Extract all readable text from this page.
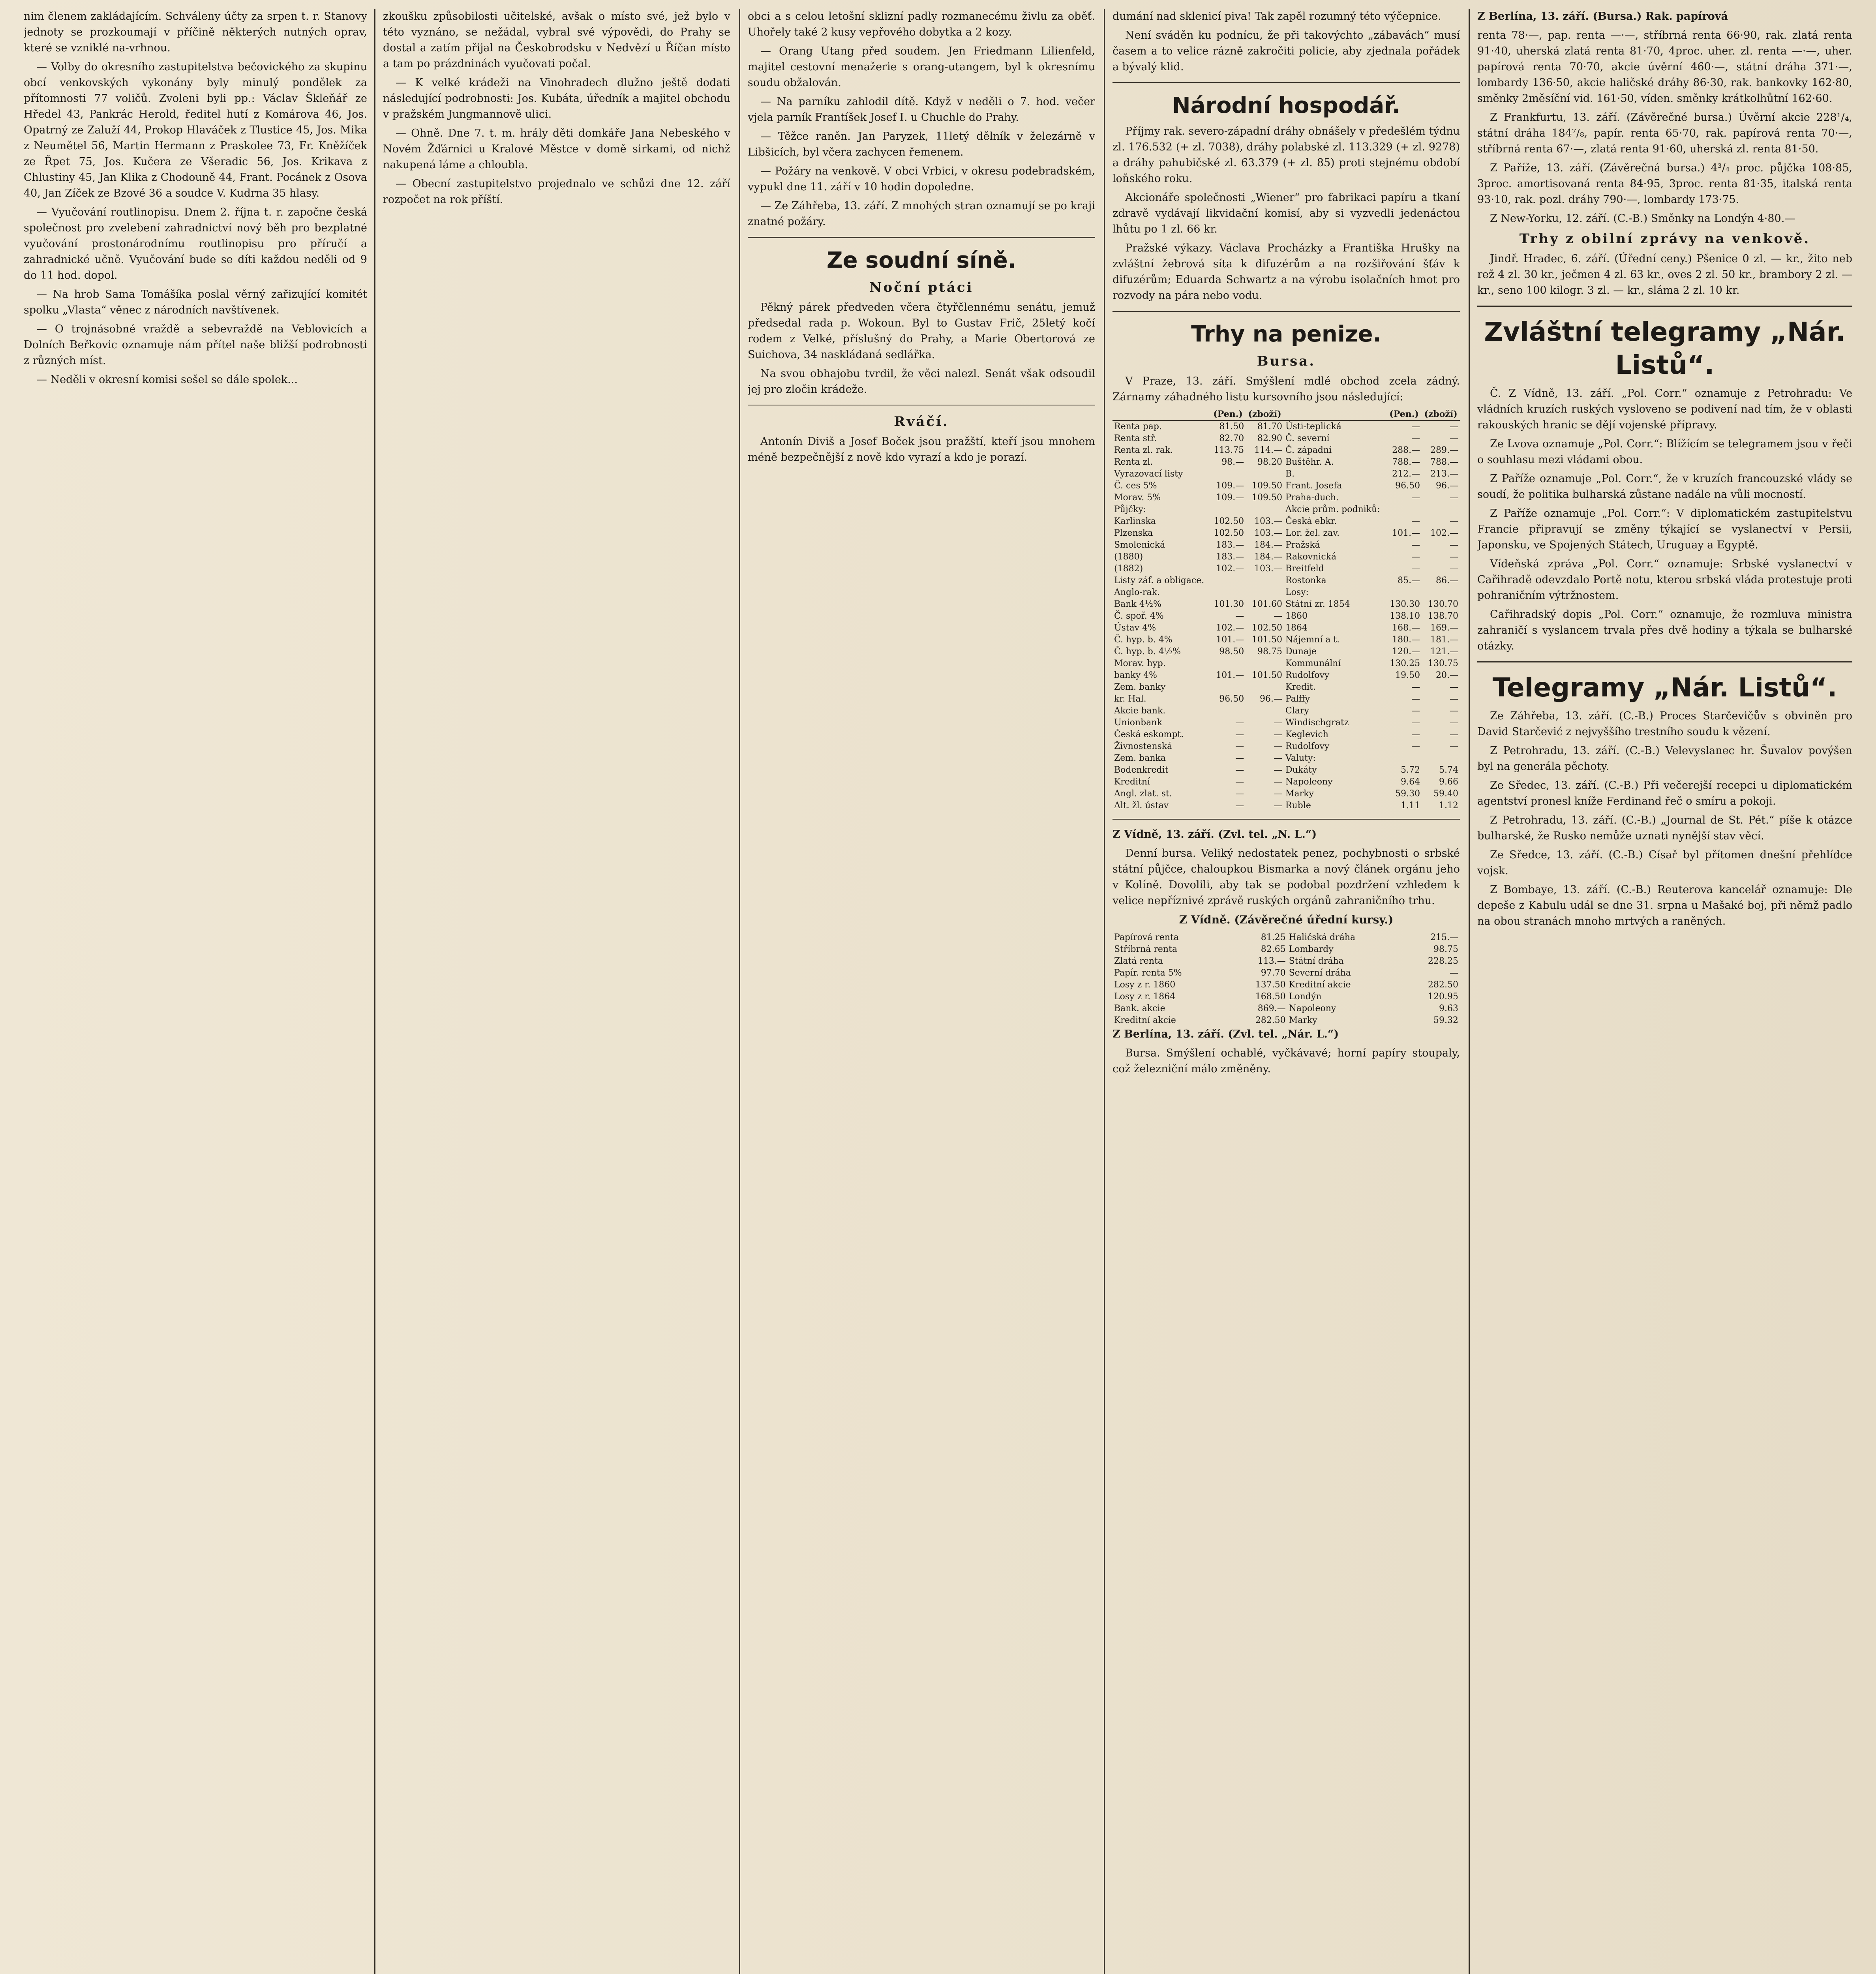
nim členem zakládajícím. Schváleny účty za srpen t. r. Stanovy jednoty se prozkoumají v příčině některých nutných oprav, které se vzniklé na-vrhnou.

— Volby do okresního zastupitelstva bečovického za skupinu obcí venkovských vykonány byly minulý pondělek za přítomnosti 77 voličů. Zvoleni byli pp.: Václav Škleňář ze Hředel 43, Pankrác Herold, ředitel hutí z Komárova 46, Jos. Opatrný ze Zaluží 44, Prokop Hlaváček z Tlustice 45, Jos. Mika z Neumětel 56, Martin Hermann z Praskolee 73, Fr. Kněžíček ze Řpet 75, Jos. Kučera ze Všeradic 56, Jos. Krikava z Chlustiny 45, Jan Klika z Chodouně 44, Frant. Pocánek z Osova 40, Jan Zíček ze Bzové 36 a soudce V. Kudrna 35 hlasy.

— Vyučování routlinopisu. Dnem 2. října t. r. započne česká společnost pro zvelebení zahradnictví nový běh pro bezplatné vyučování prostonárodnímu routlinopisu pro příručí a zahradnické učně. Vyučování bude se díti každou neděli od 9 do 11 hod. dopol.

— Na hrob Sama Tomášíka poslal věrný zařizující komitét spolku „Vlasta“ věnec z národních navštívenek.

— O trojnásobné vraždě a sebevraždě na Veblovicích a Dolních Beřkovic oznamuje nám přítel naše bližší podrobnosti z různých míst.

— Neděli v okresní komisi sešel se dále spolek...

zkoušku způsobilosti učitelské, avšak o místo své, jež bylo v této vyznáno, se nežádal, vybral své výpovědi, do Prahy se dostal a zatím přijal na Českobrodsku v Nedvězí u Říčan místo a tam po prázdninách vyučovati počal.

— K velké krádeži na Vinohradech dlužno ještě dodati následující podrobnosti: Jos. Kubáta, úředník a majitel obchodu v pražském Jungmannově ulici.

— Ohně. Dne 7. t. m. hrály děti domkáře Jana Nebeského v Novém Žďárnici u Kralové Městce v domě sirkami, od nichž nakupená láme a chloubla.

— Obecní zastupitelstvo projednalo ve schůzi dne 12. září rozpočet na rok příští.

obci a s celou letošní sklizní padly rozmanecému živlu za oběť. Uhořely také 2 kusy vepřového dobytka a 2 kozy.

— Orang Utang před soudem. Jen Friedmann Lilienfeld, majitel cestovní menažerie s orang-utangem, byl k okresnímu soudu obžalován.

— Na parníku zahlodil dítě. Když v neděli o 7. hod. večer vjela parník Frantíšek Josef I. u Chuchle do Prahy.

— Těžce raněn. Jan Paryzek, 11letý dělník v železárně v Libšicích, byl včera zachycen řemenem.

— Požáry na venkově. V obci Vrbici, v okresu podebradském, vypukl dne 11. září v 10 hodin dopoledne.

— Ze Záhřeba, 13. září. Z mnohých stran oznamují se po kraji znatné požáry.

Ze soudní síně.
Noční ptáci

Pěkný párek předveden včera čtyřčlennému senátu, jemuž předsedal rada p. Wokoun. Byl to Gustav Frič, 25letý kočí rodem z Velké, příslušný do Prahy, a Marie Obertorová ze Suichova, 34 naskládaná sedlářka.

Na svou obhajobu tvrdil, že věci nalezl. Senát však odsoudil jej pro zločin krádeže.

Rváčí.

Antonín Diviš a Josef Boček jsou pražští, kteří jsou mnohem méně bezpečnější z nově kdo vyrazí a kdo je porazí.

dumání nad sklenicí piva! Tak zapěl rozumný této výčepnice.

Není sváděn ku podnícu, že při takovýchto „zábavách“ musí časem a to velice rázně zakročiti policie, aby zjednala pořádek a bývalý klid.

Národní hospodář.

Příjmy rak. severo-západní dráhy obnášely v předešlém týdnu zl. 176.532 (+ zl. 7038), dráhy polabské zl. 113.329 (+ zl. 9278) a dráhy pahubičské zl. 63.379 (+ zl. 85) proti stejnému období loňského roku.

Akcionáře společnosti „Wiener“ pro fabrikaci papíru a tkaní zdravě vydávají likvidační komisí, aby si vyzvedli jedenáctou lhůtu po 1 zl. 66 kr.

Pražské výkazy. Václava Procházky a Františka Hrušky na zvláštní žebrová síta k difuzérům a na rozšiřování šťáv k difuzérům; Eduarda Schwartz a na výrobu isolačních hmot pro rozvody na pára nebo vodu.

Trhy na penize.
Bursa.

V Praze, 13. září. Smýšlení mdlé obchod zcela zádný. Zárnamy záhadného listu kursovního jsou následující:

	(Pen.)	(zboží)		(Pen.)	(zboží)
Renta pap.	81.50	81.70	Ústi-teplická	—	—
Renta stř.	82.70	82.90	Č. severní	—	—
Renta zl. rak.	113.75	114.—	Č. západní	288.—	289.—
Renta zl.	98.—	98.20	Buštěhr. A.	788.—	788.—
Vyrazovací listy			B.	212.—	213.—
Č. ces 5%	109.—	109.50	Frant. Josefa	96.50	96.—
Morav. 5%	109.—	109.50	Praha-duch.	—	—
Půjčky:			Akcie prům. podniků:		
Karlinska	102.50	103.—	Česká ebkr.	—	—
Plzenska	102.50	103.—	Lor. žel. zav.	101.—	102.—
Smolenická	183.—	184.—	Pražská	—	—
(1880)	183.—	184.—	Rakovnická	—	—
(1882)	102.—	103.—	Breitfeld	—	—
Listy záf. a obligace.			Rostonka	85.—	86.—
Anglo-rak.			Losy:		
Bank 4½%	101.30	101.60	Státní zr. 1854	130.30	130.70
Č. spoř. 4%	—	—	1860	138.10	138.70
Ústav 4%	102.—	102.50	1864	168.—	169.—
Č. hyp. b. 4%	101.—	101.50	Nájemní a t.	180.—	181.—
Č. hyp. b. 4½%	98.50	98.75	Dunaje	120.—	121.—
Morav. hyp.			Kommunální	130.25	130.75
banky 4%	101.—	101.50	Rudolfovy	19.50	20.—
Zem. banky			Kredit.	—	—
kr. Hal.	96.50	96.—	Palffy	—	—
Akcie bank.			Clary	—	—
Unionbank	—	—	Windischgratz	—	—
Česká eskompt.	—	—	Keglevich	—	—
Živnostenská	—	—	Rudolfovy	—	—
Zem. banka	—	—	Valuty:		
Bodenkredit	—	—	Dukáty	5.72	5.74
Kreditní	—	—	Napoleony	9.64	9.66
Angl. zlat. st.	—	—	Marky	59.30	59.40
Alt. žl. ústav	—	—	Ruble	1.11	1.12

Z Vídně, 13. září. (Zvl. tel. „N. L.“)

Denní bursa. Veliký nedostatek penez, pochybnosti o srbské státní půjčce, chaloupkou Bismarka a nový článek orgánu jeho v Kolíně. Dovolili, aby tak se podobal pozdržení vzhledem k velice nepříznivé zprávě ruských orgánů zahraničního trhu.

Z Vídně. (Závěrečné úřední kursy.)
Papírová renta	81.25	Haličská dráha	215.—
Stříbrná renta	82.65	Lombardy	98.75
Zlatá renta	113.—	Státní dráha	228.25
Papír. renta 5%	97.70	Severní dráha	—
Losy z r. 1860	137.50	Kreditní akcie	282.50
Losy z r. 1864	168.50	Londýn	120.95
Bank. akcie	869.—	Napoleony	9.63
Kreditní akcie	282.50	Marky	59.32

Z Berlína, 13. září. (Zvl. tel. „Nár. L.“)

Bursa. Smýšlení ochablé, vyčkávavé; horní papíry stoupaly, což železniční málo změněny.

Z Berlína, 13. září. (Bursa.) Rak. papírová

renta 78·—, pap. renta —·—, stříbrná renta 66·90, rak. zlatá renta 91·40, uherská zlatá renta 81·70, 4proc. uher. zl. renta —·—, uher. papírová renta 70·70, akcie úvěrní 460·—, státní dráha 371·—, lombardy 136·50, akcie haličské dráhy 86·30, rak. bankovky 162·80, směnky 2měsíční vid. 161·50, víden. směnky krátkolhůtní 162·60.

Z Frankfurtu, 13. září. (Závěrečné bursa.) Úvěrní akcie 228¹/₄, státní dráha 184⁷/₈, papír. renta 65·70, rak. papírová renta 70·—, stříbrná renta 67·—, zlatá renta 91·60, uherská zl. renta 81·50.

Z Paříže, 13. září. (Závěrečná bursa.) 4³/₄ proc. půjčka 108·85, 3proc. amortisovaná renta 84·95, 3proc. renta 81·35, italská renta 93·10, rak. pozl. dráhy 790·—, lombardy 173·75.

Z New-Yorku, 12. září. (C.-B.) Směnky na Londýn 4·80.—

Trhy z obilní zprávy na venkově.

Jindř. Hradec, 6. září. (Úřední ceny.) Pšenice 0 zl. — kr., žito neb rež 4 zl. 30 kr., ječmen 4 zl. 63 kr., oves 2 zl. 50 kr., brambory 2 zl. — kr., seno 100 kilogr. 3 zl. — kr., sláma 2 zl. 10 kr.

Zvláštní telegramy „Nár. Listů“.

Č. Z Vídně, 13. září. „Pol. Corr.“ oznamuje z Petrohradu: Ve vládních kruzích ruských vysloveno se podivení nad tím, že v oblasti rakouských hranic se dějí vojenské přípravy.

Ze Lvova oznamuje „Pol. Corr.“: Blížícím se telegramem jsou v řeči o souhlasu mezi vládami obou.

Z Paříže oznamuje „Pol. Corr.“, že v kruzích francouzské vlády se soudí, že politika bulharská zůstane nadále na vůli mocností.

Z Paříže oznamuje „Pol. Corr.“: V diplomatickém zastupitelstvu Francie připravují se změny týkající se vyslanectví v Persii, Japonsku, ve Spojených Státech, Uruguay a Egyptě.

Vídeňská zpráva „Pol. Corr.“ oznamuje: Srbské vyslanectví v Cařihradě odevzdalo Portě notu, kterou srbská vláda protestuje proti pohraničním výtržnostem.

Cařihradský dopis „Pol. Corr.“ oznamuje, že rozmluva ministra zahraničí s vyslancem trvala přes dvě hodiny a týkala se bulharské otázky.

Telegramy „Nár. Listů“.

Ze Záhřeba, 13. září. (C.-B.) Proces Starčevičův s obviněn pro David Starčević z nejvyššího trestního soudu k vězení.

Z Petrohradu, 13. září. (C.-B.) Velevyslanec hr. Šuvalov povýšen byl na generála pěchoty.

Ze Sředec, 13. září. (C.-B.) Při večerejší recepci u diplomatickém agentství pronesl kníže Ferdinand řeč o smíru a pokoji.

Z Petrohradu, 13. září. (C.-B.) „Journal de St. Pét.“ píše k otázce bulharské, že Rusko nemůže uznati nynější stav věcí.

Ze Sředce, 13. září. (C.-B.) Císař byl přítomen dnešní přehlídce vojsk.

Z Bombaye, 13. září. (C.-B.) Reuterova kancelář oznamuje: Dle depeše z Kabulu udál se dne 31. srpna u Mašaké boj, při němž padlo na obou stranách mnoho mrtvých a raněných.
